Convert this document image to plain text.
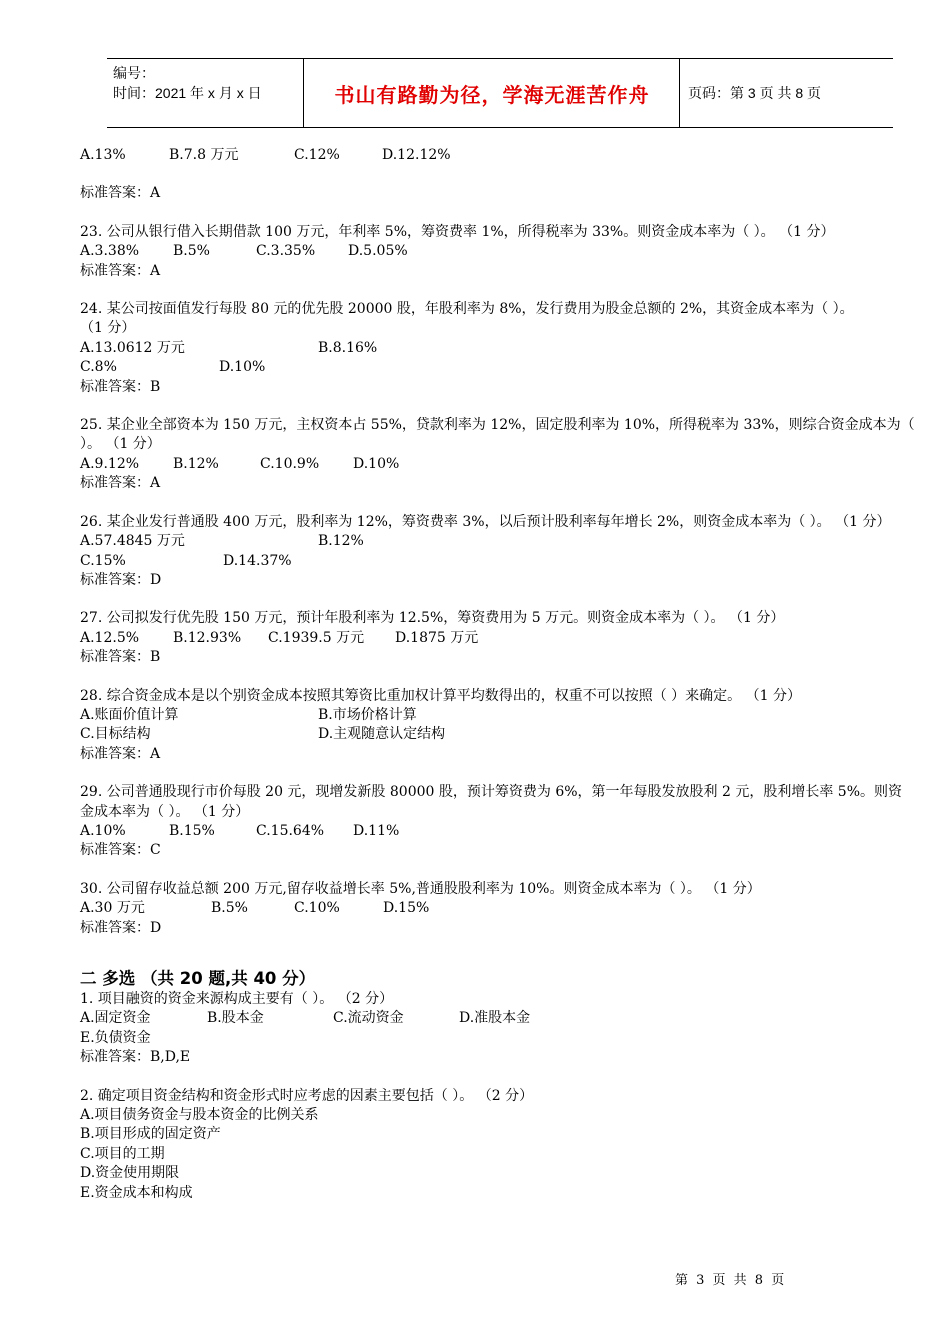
编号：
时间：2021 年 x 月 x 日	书山有路勤为径，学海无涯苦作舟	页码：第 3 页 共 8 页
A.13%	B.7.8 万元	C.12%	D.12.12%
标准答案：A
23. 公司从银行借入长期借款 100 万元，年利率 5%，筹资费率 1%，所得税率为 33%。则资金成本率为（ ）。 （1 分）
A.3.38%	B.5%	C.3.35%	D.5.05%
标准答案：A
24. 某公司按面值发行每股 80 元的优先股 20000 股，年股利率为 8%，发行费用为股金总额的 2%，其资金成本率为（ ）。
（1 分）
A.13.0612 万元	B.8.16%
C.8%	D.10%
标准答案：B
25. 某企业全部资本为 150 万元，主权资本占 55%，贷款利率为 12%，固定股利率为 10%，所得税率为 33%，则综合资金成本为（ ）。 （1 分）
A.9.12%	B.12%	C.10.9%	D.10%
标准答案：A
26. 某企业发行普通股 400 万元，股利率为 12%，筹资费率 3%，以后预计股利率每年增长 2%，则资金成本率为（ ）。 （1 分）
A.57.4845 万元	B.12%
C.15%	D.14.37%
标准答案：D
27. 公司拟发行优先股 150 万元，预计年股利率为 12.5%，筹资费用为 5 万元。则资金成本率为（ ）。 （1 分）
A.12.5%	B.12.93%	C.1939.5 万元	D.1875 万元
标准答案：B
28. 综合资金成本是以个别资金成本按照其筹资比重加权计算平均数得出的，权重不可以按照（ ）来确定。 （1 分）
A.账面价值计算	B.市场价格计算
C.目标结构	D.主观随意认定结构
标准答案：A
29. 公司普通股现行市价每股 20 元，现增发新股 80000 股，预计筹资费为 6%，第一年每股发放股利 2 元，股利增长率 5%。则资金成本率为（ ）。 （1 分）
A.10%	B.15%	C.15.64%	D.11%
标准答案：C
30. 公司留存收益总额 200 万元,留存收益增长率 5%,普通股股利率为 10%。则资金成本率为（ ）。 （1 分）
A.30 万元	B.5%	C.10%	D.15%
标准答案：D
二 多选 （共 20 题,共 40 分）
1. 项目融资的资金来源构成主要有（ ）。 （2 分）
A.固定资金	B.股本金	C.流动资金	D.准股本金
E.负债资金
标准答案：B,D,E
2. 确定项目资金结构和资金形式时应考虑的因素主要包括（ ）。 （2 分）
A.项目债务资金与股本资金的比例关系
B.项目形成的固定资产
C.项目的工期
D.资金使用期限
E.资金成本和构成
第 3 页 共 8 页
